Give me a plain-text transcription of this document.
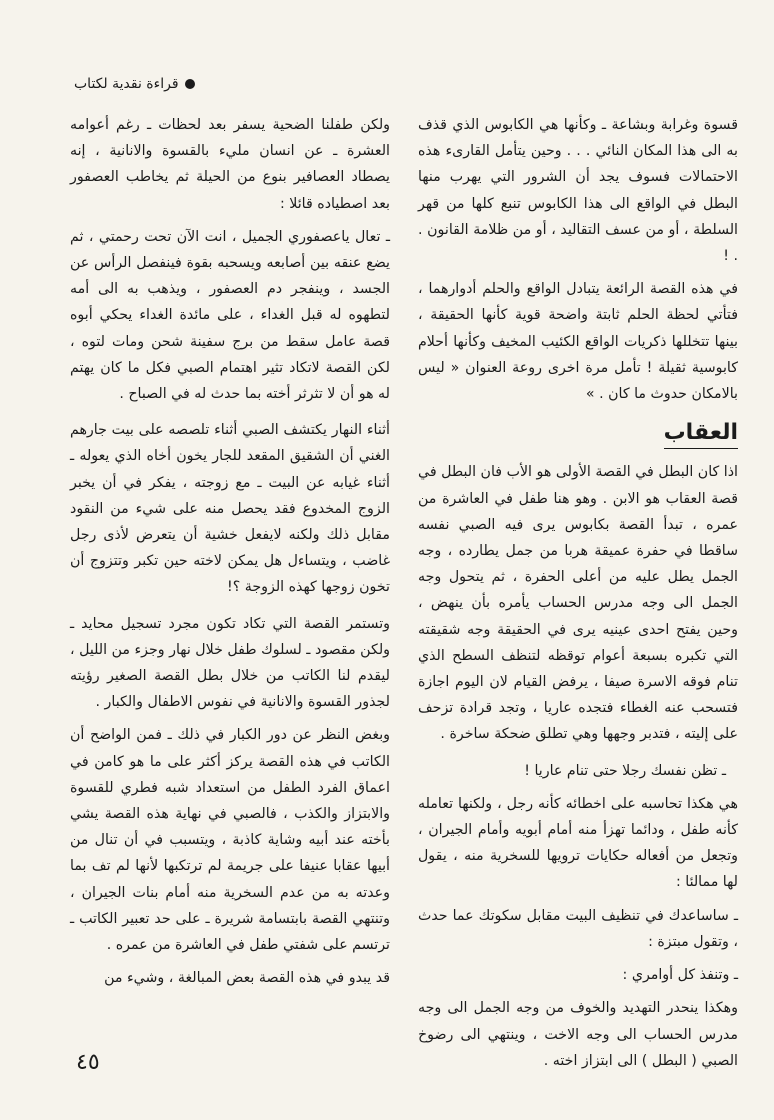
قراءة نقدية لكتاب

قسوة وغرابة وبشاعة ـ وكأنها هي الكابوس الذي قذف به الى هذا المكان النائي . . . وحين يتأمل القارىء هذه الاحتمالات فسوف يجد أن الشرور التي يهرب منها البطل في الواقع الى هذا الكابوس تنبع كلها من قهر السلطة ، أو من عسف التقاليد ، أو من ظلامة القانون . . !

في هذه القصة الرائعة يتبادل الواقع والحلم أدوارهما ، فتأتي لحظة الحلم ثابتة واضحة قوية كأنها الحقيقة ، بينها تتخللها ذكريات الواقع الكئيب المخيف وكأنها أحلام كابوسية ثقيلة ! تأمل مرة اخرى روعة العنوان « ليس بالامكان حدوث ما كان . »

العقاب

اذا كان البطل في القصة الأولى هو الأب فان البطل في قصة العقاب هو الابن . وهو هنا طفل في العاشرة من عمره ، تبدأ القصة بكابوس يرى فيه الصبي نفسه ساقطا في حفرة عميقة هربا من جمل يطارده ، وجه الجمل يطل عليه من أعلى الحفرة ، ثم يتحول وجه الجمل الى وجه مدرس الحساب يأمره بأن ينهض ، وحين يفتح احدى عينيه يرى في الحقيقة وجه شقيقته التي تكبره بسبعة أعوام توقظه لتنظف السطح الذي تنام فوقه الاسرة صيفا ، يرفض القيام لان اليوم اجازة فتسحب عنه الغطاء فتجده عاريا ، وتجد قرادة تزحف على إليته ، فتدبر وجهها وهي تطلق ضحكة ساخرة .

ـ تظن نفسك رجلا حتى تنام عاريا !

هي هكذا تحاسبه على اخطائه كأنه رجل ، ولكنها تعامله كأنه طفل ، ودائما تهزأ منه أمام أبويه وأمام الجيران ، وتجعل من أفعاله حكايات ترويها للسخرية منه ، يقول لها ممالئا :

ـ ساساعدك في تنظيف البيت مقابل سكوتك عما حدث ، وتقول مبتزة :

ـ وتنفذ كل أوامري :

وهكذا ينحدر التهديد والخوف من وجه الجمل الى وجه مدرس الحساب الى وجه الاخت ، وينتهي الى رضوخ الصبي ( البطل ) الى ابتزاز اخته .

ولكن طفلنا الضحية يسفر بعد لحظات ـ رغم أعوامه العشرة ـ عن انسان مليء بالقسوة والانانية ، إنه يصطاد العصافير بنوع من الحيلة ثم يخاطب العصفور بعد اصطياده قائلا :

ـ تعال ياعصفوري الجميل ، انت الآن تحت رحمتي ، ثم يضع عنقه بين أصابعه ويسحبه بقوة فينفصل الرأس عن الجسد ، وينفجر دم العصفور ، ويذهب به الى أمه لتطهوه له قبل الغداء ، على مائدة الغداء يحكي أبوه قصة عامل سقط من برج سفينة شحن ومات لتوه ، لكن القصة لاتكاد تثير اهتمام الصبي فكل ما كان يهتم له هو أن لا تثرثر أخته بما حدث له في الصباح .

أثناء النهار يكتشف الصبي أثناء تلصصه على بيت جارهم الغني أن الشقيق المقعد للجار يخون أخاه الذي يعوله ـ أثناء غيابه عن البيت ـ مع زوجته ، يفكر في أن يخبر الزوج المخدوع فقد يحصل منه على شيء من النقود مقابل ذلك ولكنه لايفعل خشية أن يتعرض لأذى رجل غاضب ، ويتساءل هل يمكن لاخته حين تكبر وتتزوج أن تخون زوجها كهذه الزوجة ؟!

وتستمر القصة التي تكاد تكون مجرد تسجيل محايد ـ ولكن مقصود ـ لسلوك طفل خلال نهار وجزء من الليل ، ليقدم لنا الكاتب من خلال بطل القصة الصغير رؤيته لجذور القسوة والانانية في نفوس الاطفال والكبار .

وبغض النظر عن دور الكبار في ذلك ـ فمن الواضح أن الكاتب في هذه القصة يركز أكثر على ما هو كامن في اعماق الفرد الطفل من استعداد شبه فطري للقسوة والابتزاز والكذب ، فالصبي في نهاية هذه القصة يشي بأخته عند أبيه وشاية كاذبة ، ويتسبب في أن تنال من أبيها عقابا عنيفا على جريمة لم ترتكبها لأنها لم تف بما وعدته به من عدم السخرية منه أمام بنات الجيران ، وتنتهي القصة بابتسامة شريرة ـ على حد تعبير الكاتب ـ ترتسم على شفتي طفل في العاشرة من عمره .

قد يبدو في هذه القصة بعض المبالغة ، وشيء من

٤٥
